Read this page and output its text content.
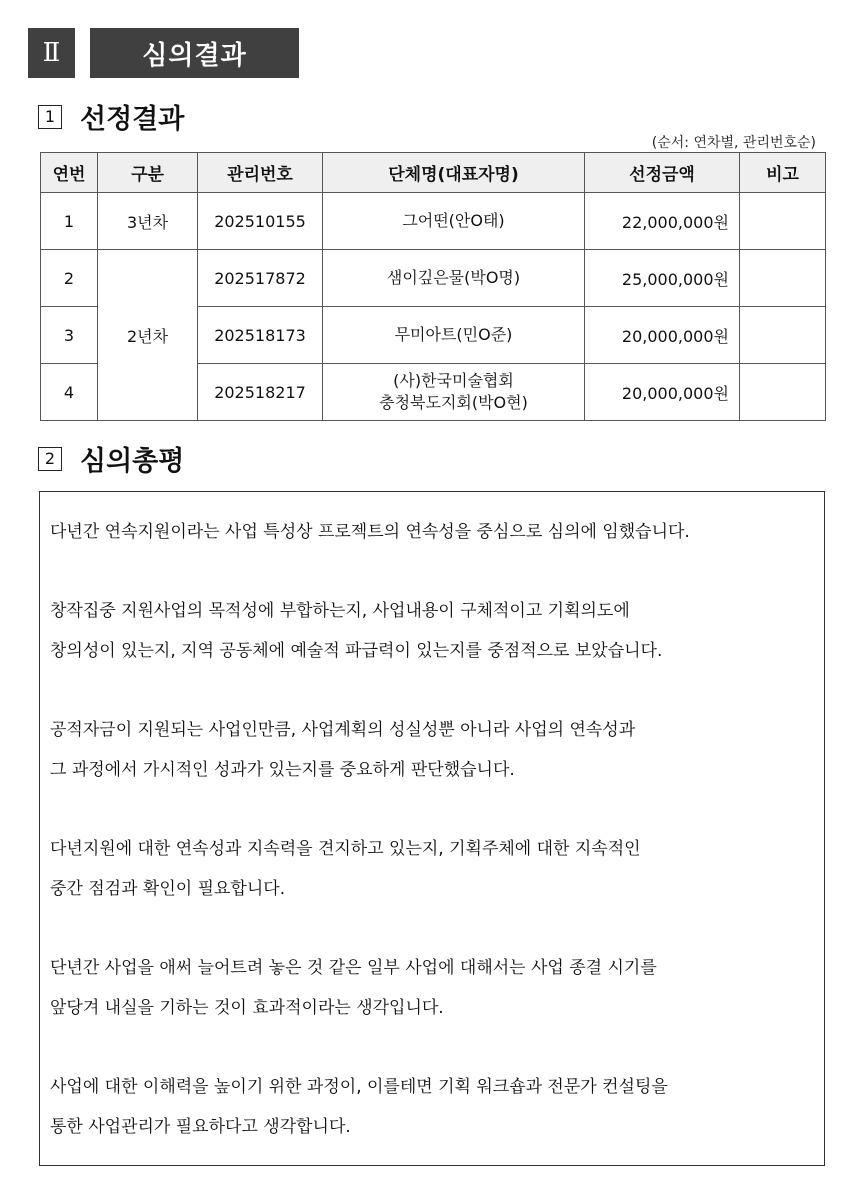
Ⅱ	심의결과
1 선정결과
(순서: 연차별, 관리번호순)
연번	구분	관리번호	단체명(대표자명)	선정금액	비고
1	3년차	202510155	그어떤(안O태)	22,000,000원	
2	2년차	202517872	샘이깊은물(박O명)	25,000,000원	
3		202518173	무미아트(민O준)	20,000,000원	
4		202518217	(사)한국미술협회
충청북도지회(박O현)	20,000,000원	
2 심의총평

다년간 연속지원이라는 사업 특성상 프로젝트의 연속성을 중심으로 심의에 임했습니다.

창작집중 지원사업의 목적성에 부합하는지, 사업내용이 구체적이고 기획의도에
창의성이 있는지, 지역 공동체에 예술적 파급력이 있는지를 중점적으로 보았습니다.

공적자금이 지원되는 사업인만큼, 사업계획의 성실성뿐 아니라 사업의 연속성과
그 과정에서 가시적인 성과가 있는지를 중요하게 판단했습니다.

다년지원에 대한 연속성과 지속력을 견지하고 있는지, 기획주체에 대한 지속적인
중간 점검과 확인이 필요합니다.

단년간 사업을 애써 늘어트려 놓은 것 같은 일부 사업에 대해서는 사업 종결 시기를
앞당겨 내실을 기하는 것이 효과적이라는 생각입니다.

사업에 대한 이해력을 높이기 위한 과정이, 이를테면 기획 워크숍과 전문가 컨설팅을
통한 사업관리가 필요하다고 생각합니다.
